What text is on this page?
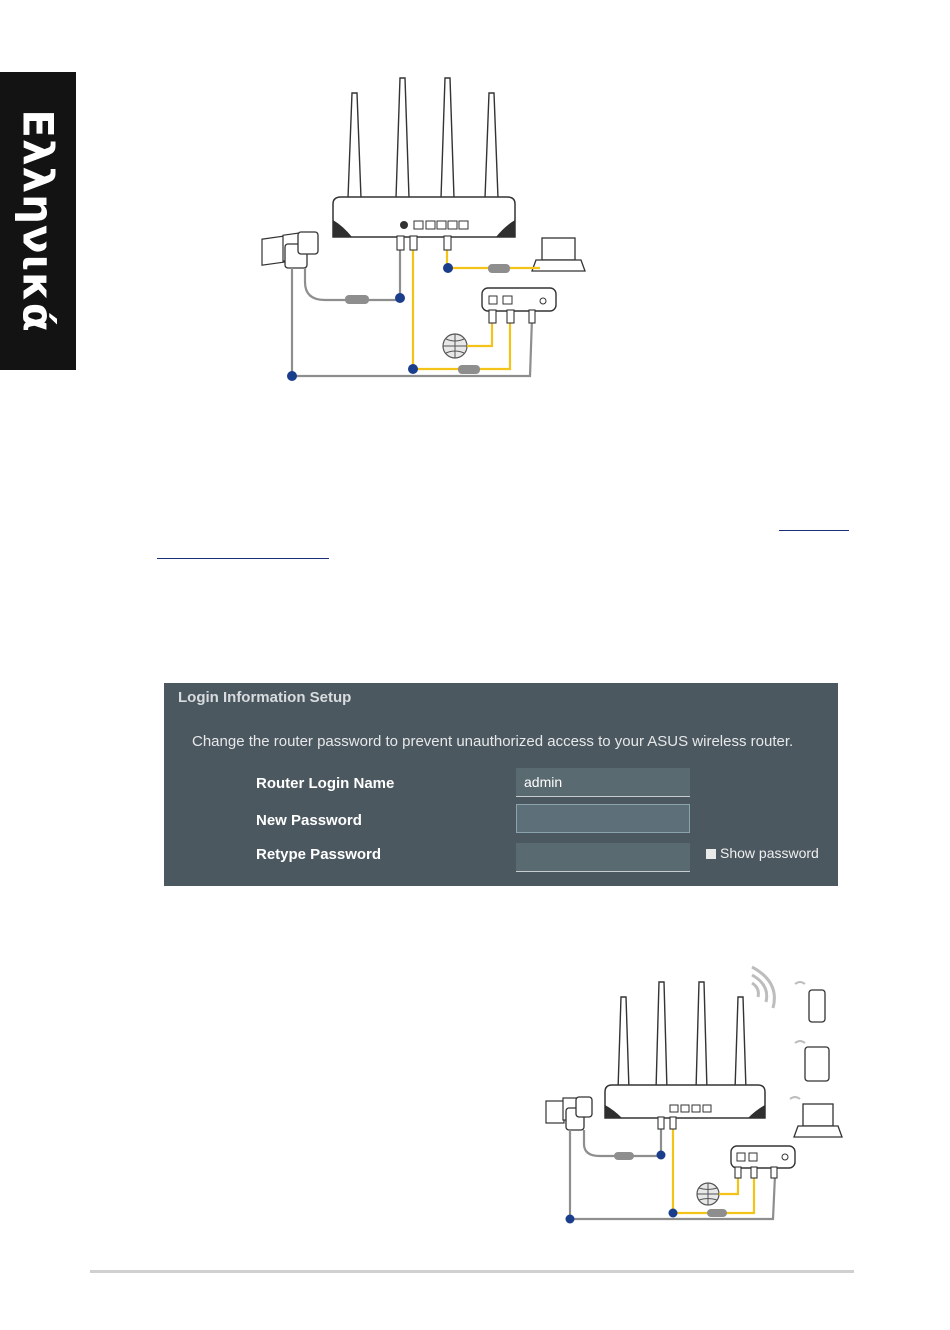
Ελληνικά
Login Information Setup
Change the router password to prevent unauthorized access to your ASUS wireless router.
Router Login Name	admin
New Password
Retype Password	Show password
